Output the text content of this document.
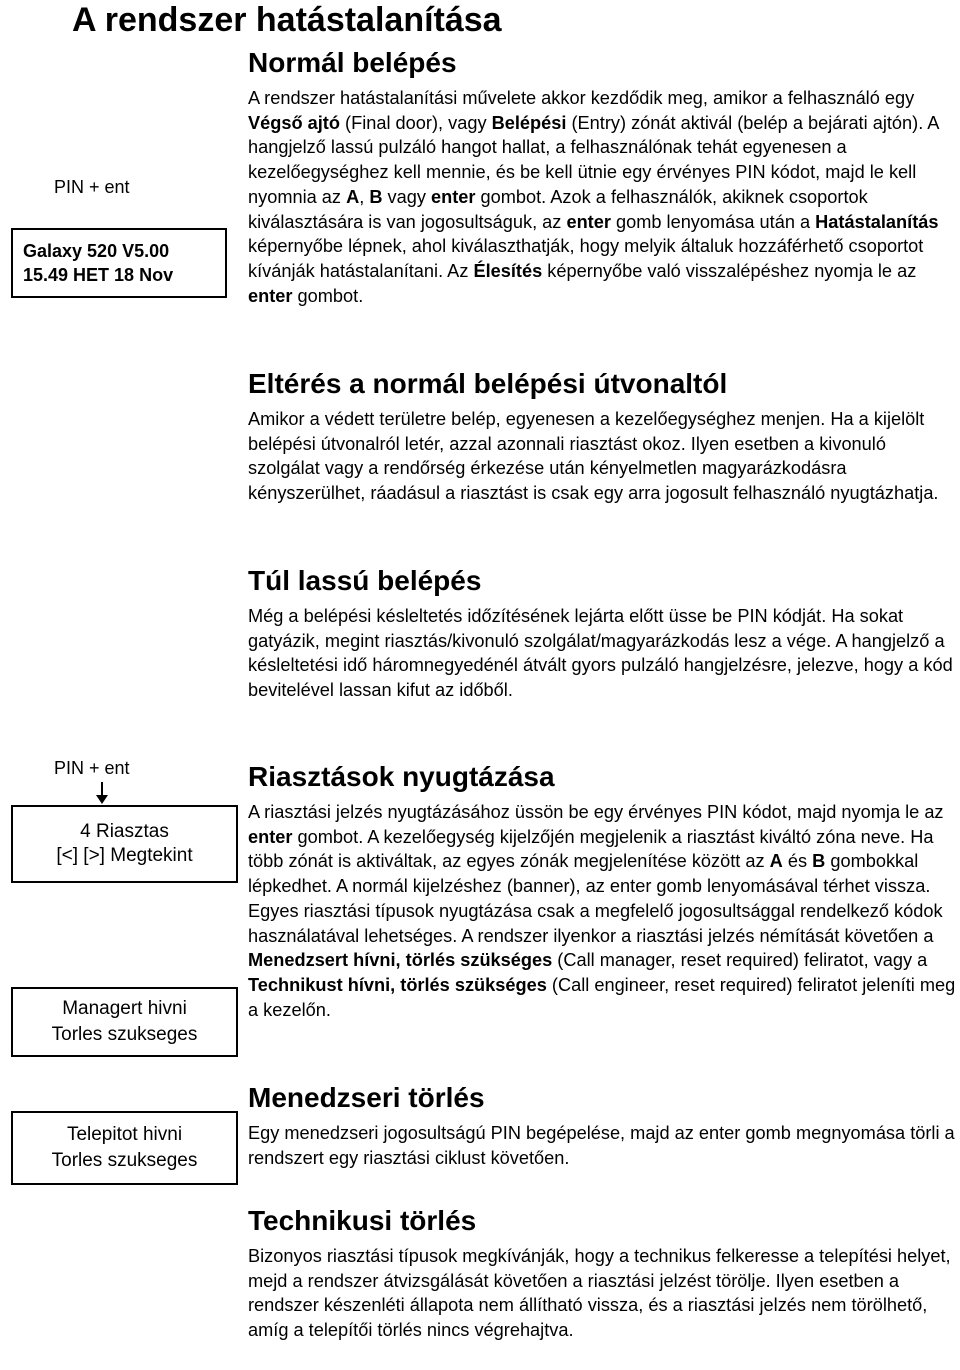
A rendszer hatástalanítása
PIN + ent
Galaxy 520 V5.00
15.49 HET 18 Nov
PIN + ent
4 Riasztas
[<] [>] Megtekint
Managert hivni
Torles szukseges
Telepitot hivni
Torles szukseges
Normál belépés

A rendszer hatástalanítási művelete akkor kezdődik meg, amikor a felhasználó egy Végső ajtó (Final door), vagy Belépési (Entry) zónát aktivál (belép a bejárati ajtón). A hangjelző lassú pulzáló hangot hallat, a felhasználónak tehát egyenesen a kezelőegységhez kell mennie, és be kell ütnie egy érvényes PIN kódot, majd le kell nyomnia az A, B vagy enter gombot. Azok a felhasználók, akiknek csoportok kiválasztására is van jogosultságuk, az enter gomb lenyomása után a Hatástalanítás képernyőbe lépnek, ahol kiválaszthatják, hogy melyik általuk hozzáférhető csoportot kívánják hatástalanítani. Az Élesítés képernyőbe való visszalépéshez nyomja le az enter gombot.

Eltérés a normál belépési útvonaltól

Amikor a védett területre belép, egyenesen a kezelőegységhez menjen. Ha a kijelölt belépési útvonalról letér, azzal azonnali riasztást okoz. Ilyen esetben a kivonuló szolgálat vagy a rendőrség érkezése után kényelmetlen magyarázkodásra kényszerülhet, ráadásul a riasztást is csak egy arra jogosult felhasználó nyugtázhatja.

Túl lassú belépés

Még a belépési késleltetés időzítésének lejárta előtt üsse be PIN kódját. Ha sokat gatyázik, megint riasztás/kivonuló szolgálat/magyarázkodás lesz a vége. A hangjelző a késleltetési idő háromnegyedénél átvált gyors pulzáló hangjelzésre, jelezve, hogy a kód bevitelével lassan kifut az időből.

Riasztások nyugtázása

A riasztási jelzés nyugtázásához üssön be egy érvényes PIN kódot, majd nyomja le az enter gombot. A kezelőegység kijelzőjén megjelenik a riasztást kiváltó zóna neve. Ha több zónát is aktiváltak, az egyes zónák megjelenítése között az A és B gombokkal lépkedhet. A normál kijelzéshez (banner), az enter gomb lenyomásával térhet vissza. Egyes riasztási típusok nyugtázása csak a megfelelő jogosultsággal rendelkező kódok használatával lehetséges. A rendszer ilyenkor a riasztási jelzés némítását követően a Menedzsert hívni, törlés szükséges (Call manager, reset required) feliratot, vagy a Technikust hívni, törlés szükséges (Call engineer, reset required) feliratot jeleníti meg a kezelőn.

Menedzseri törlés

Egy menedzseri jogosultságú PIN begépelése, majd az enter gomb megnyomása törli a rendszert egy riasztási ciklust követően.

Technikusi törlés

Bizonyos riasztási típusok megkívánják, hogy a technikus felkeresse a telepítési helyet, mejd a rendszer átvizsgálását követően a riasztási jelzést törölje. Ilyen esetben a rendszer készenléti állapota nem állítható vissza, és a riasztási jelzés nem törölhető, amíg a telepítői törlés nincs végrehajtva.
